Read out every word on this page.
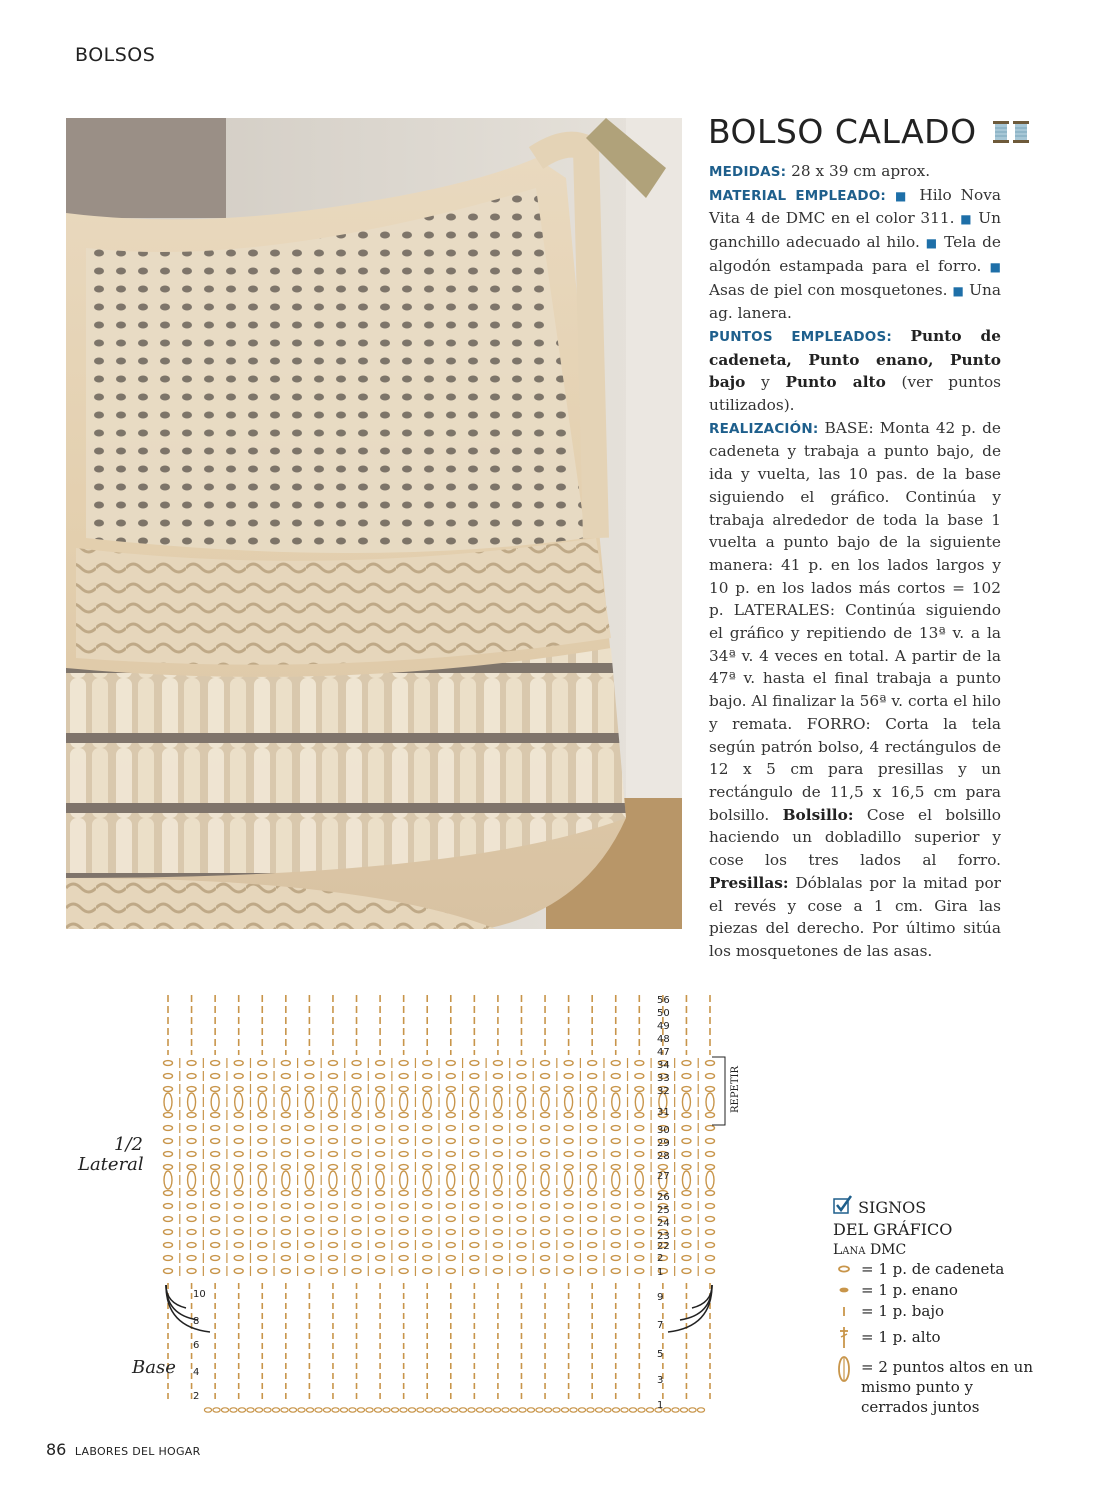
BOLSOS
BOLSO CALADO

MEDIDAS: 28 x 39 cm aprox.

MATERIAL EMPLEADO: ■ Hilo Nova Vita 4 de DMC en el color 311. ■ Un ganchillo adecuado al hilo. ■ Tela de algodón estampada para el forro. ■ Asas de piel con mosquetones. ■ Una ag. lanera.

PUNTOS EMPLEADOS: Punto de cadeneta, Punto enano, Punto bajo y Punto alto (ver puntos utilizados).

REALIZACIÓN: BASE: Monta 42 p. de cadeneta y trabaja a punto bajo, de ida y vuelta, las 10 pas. de la base siguiendo el gráfico. Continúa y trabaja alrededor de toda la base 1 vuelta a punto bajo de la siguiente manera: 41 p. en los lados largos y 10 p. en los lados más cortos = 102 p. LATERALES: Continúa siguiendo el gráfico y repitiendo de 13ª v. a la 34ª v. 4 veces en total. A partir de la 47ª v. hasta el final trabaja a punto bajo. Al finalizar la 56ª v. corta el hilo y remata. FORRO: Corta la tela según patrón bolso, 4 rectángulos de 12 x 5 cm para presillas y un rectángulo de 11,5 x 16,5 cm para bolsillo. Bolsillo: Cose el bolsillo haciendo un dobladillo superior y cose los tres lados al forro. Presillas: Dóblalas por la mitad por el revés y cose a 1 cm. Gira las piezas del derecho. Por último sitúa los mosquetones de las asas.

1/2
Lateral
Base
REPETIR
56
50
49
48
47
34
33
32
31
30
29
28
27
26
25
24
23
22
2
1
9
7
5
3
1
10
8
6
4
2
SIGNOS
DEL GRÁFICO
Lana DMC
= 1 p. de cadeneta
= 1 p. enano
= 1 p. bajo
= 1 p. alto
= 2 puntos altos en un mismo punto y cerrados juntos
86 LABORES DEL HOGAR
